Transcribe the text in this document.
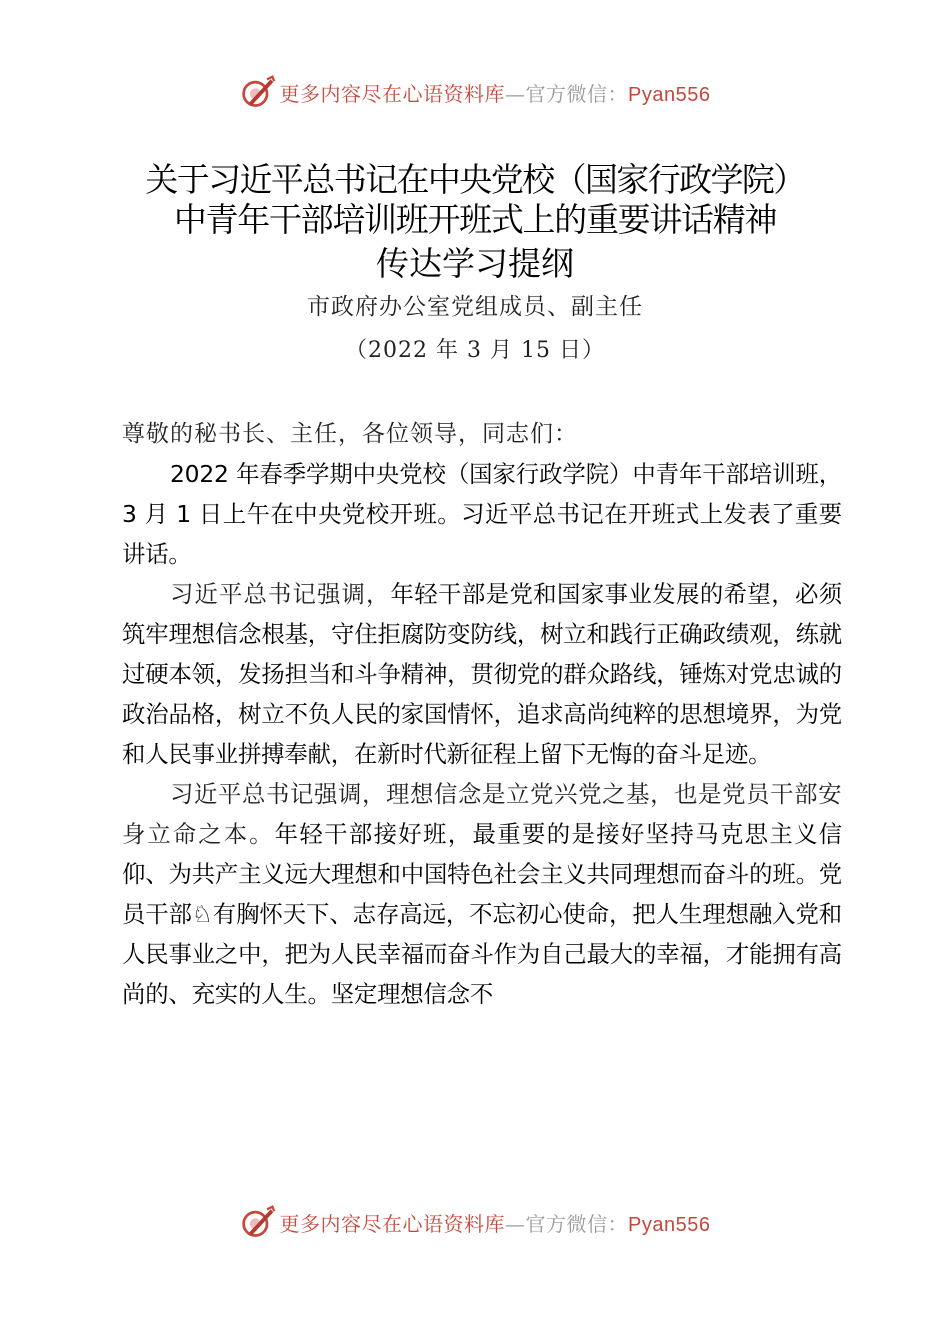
更多内容尽在心语资料库—官方微信：Pyan556
关于习近平总书记在中央党校（国家行政学院）
中青年干部培训班开班式上的重要讲话精神
传达学习提纲
市政府办公室党组成员、副主任
（2022 年 3 月 15 日）

尊敬的秘书长、主任，各位领导，同志们：

2022 年春季学期中央党校（国家行政学院）中青年干部培训班，3 月 1 日上午在中央党校开班。习近平总书记在开班式上发表了重要讲话。

习近平总书记强调，年轻干部是党和国家事业发展的希望，必须筑牢理想信念根基，守住拒腐防变防线，树立和践行正确政绩观，练就过硬本领，发扬担当和斗争精神，贯彻党的群众路线，锤炼对党忠诚的政治品格，树立不负人民的家国情怀，追求高尚纯粹的思想境界，为党和人民事业拼搏奉献，在新时代新征程上留下无悔的奋斗足迹。

习近平总书记强调，理想信念是立党兴党之基，也是党员干部安身立命之本。年轻干部接好班，最重要的是接好坚持马克思主义信仰、为共产主义远大理想和中国特色社会主义共同理想而奋斗的班。党员干部♘有胸怀天下、志存高远，不忘初心使命，把人生理想融入党和人民事业之中，把为人民幸福而奋斗作为自己最大的幸福，才能拥有高尚的、充实的人生。坚定理想信念不

更多内容尽在心语资料库—官方微信：Pyan556
